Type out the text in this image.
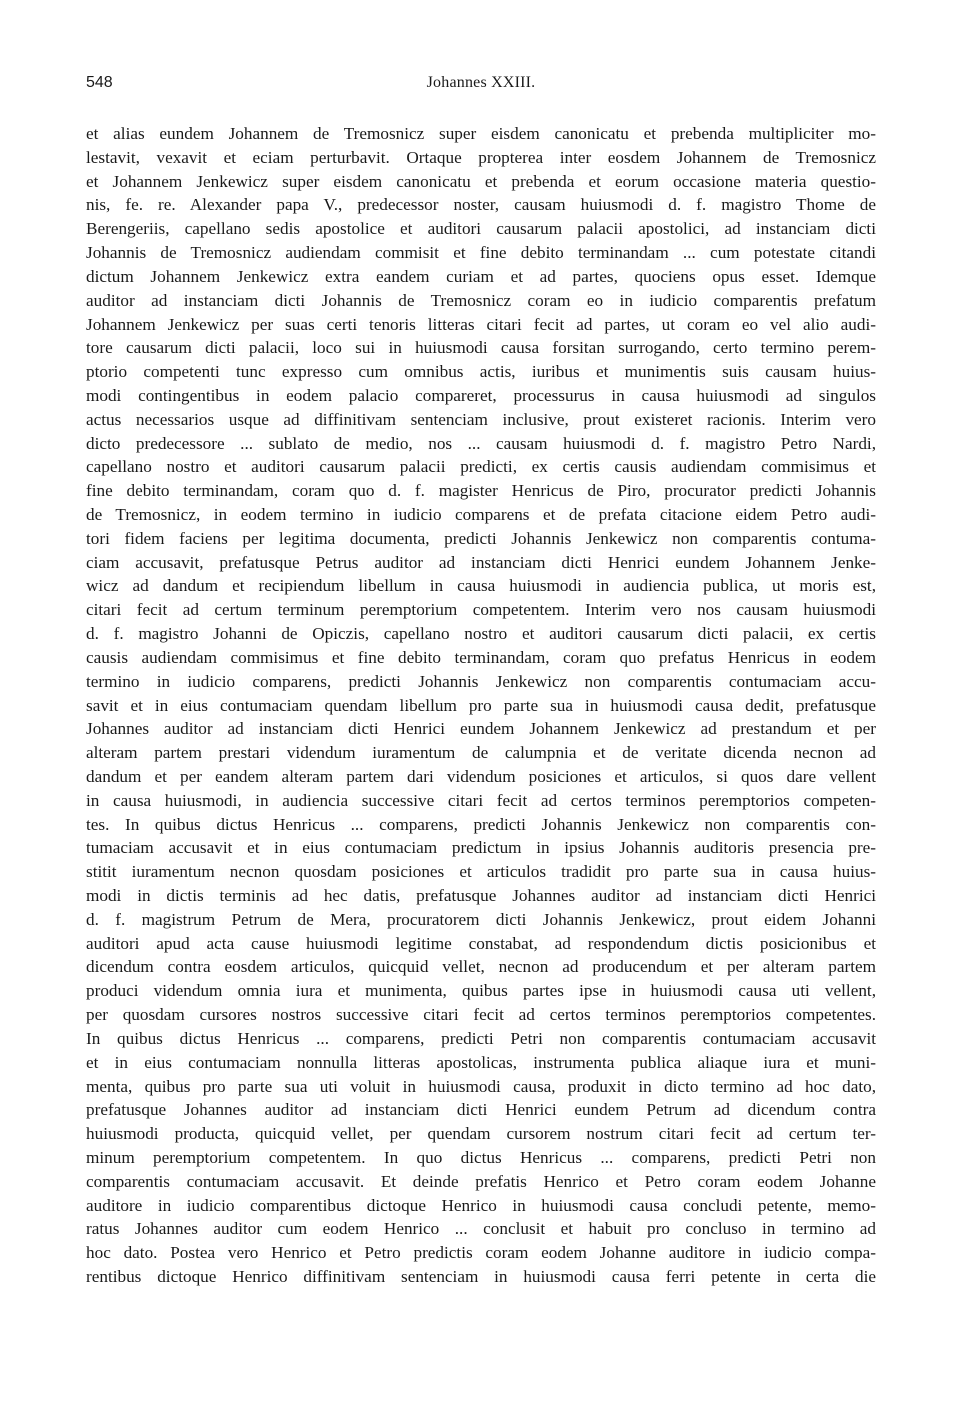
548	Johannes XXIII.
et alias eundem Johannem de Tremosnicz super eisdem canonicatu et prebenda multipliciter mo-
lestavit, vexavit et eciam perturbavit. Ortaque propterea inter eosdem Johannem de Tremosnicz
et Johannem Jenkewicz super eisdem canonicatu et prebenda et eorum occasione materia questio-
nis, fe. re. Alexander papa V., predecessor noster, causam huiusmodi d. f. magistro Thome de
Berengeriis, capellano sedis apostolice et auditori causarum palacii apostolici, ad instanciam dicti
Johannis de Tremosnicz audiendam commisit et fine debito terminandam ... cum potestate citandi
dictum Johannem Jenkewicz extra eandem curiam et ad partes, quociens opus esset. Idemque
auditor ad instanciam dicti Johannis de Tremosnicz coram eo in iudicio comparentis prefatum
Johannem Jenkewicz per suas certi tenoris litteras citari fecit ad partes, ut coram eo vel alio audi-
tore causarum dicti palacii, loco sui in huiusmodi causa forsitan surrogando, certo termino perem-
ptorio competenti tunc expresso cum omnibus actis, iuribus et munimentis suis causam huius-
modi contingentibus in eodem palacio compareret, processurus in causa huiusmodi ad singulos
actus necessarios usque ad diffinitivam sentenciam inclusive, prout existeret racionis. Interim vero
dicto predecessore ... sublato de medio, nos ... causam huiusmodi d. f. magistro Petro Nardi,
capellano nostro et auditori causarum palacii predicti, ex certis causis audiendam commisimus et
fine debito terminandam, coram quo d. f. magister Henricus de Piro, procurator predicti Johannis
de Tremosnicz, in eodem termino in iudicio comparens et de prefata citacione eidem Petro audi-
tori fidem faciens per legitima documenta, predicti Johannis Jenkewicz non comparentis contuma-
ciam accusavit, prefatusque Petrus auditor ad instanciam dicti Henrici eundem Johannem Jenke-
wicz ad dandum et recipiendum libellum in causa huiusmodi in audiencia publica, ut moris est,
citari fecit ad certum terminum peremptorium competentem. Interim vero nos causam huiusmodi
d. f. magistro Johanni de Opiczis, capellano nostro et auditori causarum dicti palacii, ex certis
causis audiendam commisimus et fine debito terminandam, coram quo prefatus Henricus in eodem
termino in iudicio comparens, predicti Johannis Jenkewicz non comparentis contumaciam accu-
savit et in eius contumaciam quendam libellum pro parte sua in huiusmodi causa dedit, prefatusque
Johannes auditor ad instanciam dicti Henrici eundem Johannem Jenkewicz ad prestandum et per
alteram partem prestari videndum iuramentum de calumpnia et de veritate dicenda necnon ad
dandum et per eandem alteram partem dari videndum posiciones et articulos, si quos dare vellent
in causa huiusmodi, in audiencia successive citari fecit ad certos terminos peremptorios competen-
tes. In quibus dictus Henricus ... comparens, predicti Johannis Jenkewicz non comparentis con-
tumaciam accusavit et in eius contumaciam predictum in ipsius Johannis auditoris presencia pre-
stitit iuramentum necnon quosdam posiciones et articulos tradidit pro parte sua in causa huius-
modi in dictis terminis ad hec datis, prefatusque Johannes auditor ad instanciam dicti Henrici
d. f. magistrum Petrum de Mera, procuratorem dicti Johannis Jenkewicz, prout eidem Johanni
auditori apud acta cause huiusmodi legitime constabat, ad respondendum dictis posicionibus et
dicendum contra eosdem articulos, quicquid vellet, necnon ad producendum et per alteram partem
produci videndum omnia iura et munimenta, quibus partes ipse in huiusmodi causa uti vellent,
per quosdam cursores nostros successive citari fecit ad certos terminos peremptorios competentes.
In quibus dictus Henricus ... comparens, predicti Petri non comparentis contumaciam accusavit
et in eius contumaciam nonnulla litteras apostolicas, instrumenta publica aliaque iura et muni-
menta, quibus pro parte sua uti voluit in huiusmodi causa, produxit in dicto termino ad hoc dato,
prefatusque Johannes auditor ad instanciam dicti Henrici eundem Petrum ad dicendum contra
huiusmodi producta, quicquid vellet, per quendam cursorem nostrum citari fecit ad certum ter-
minum peremptorium competentem. In quo dictus Henricus ... comparens, predicti Petri non
comparentis contumaciam accusavit. Et deinde prefatis Henrico et Petro coram eodem Johanne
auditore in iudicio comparentibus dictoque Henrico in huiusmodi causa concludi petente, memo-
ratus Johannes auditor cum eodem Henrico ... conclusit et habuit pro concluso in termino ad
hoc dato. Postea vero Henrico et Petro predictis coram eodem Johanne auditore in iudicio compa-
rentibus dictoque Henrico diffinitivam sentenciam in huiusmodi causa ferri petente in certa die
